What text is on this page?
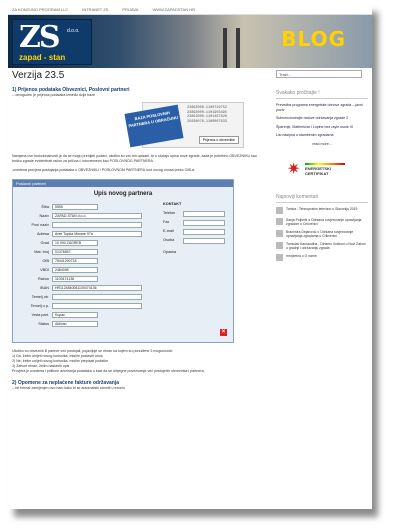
ZA KONZUNO PROGRAM LLC	INTRANET ZS	PRIJAVA	WWW.ZAPADSTAN.HR
ZS d.o.o.
zapad - stan
BLOG
Verzija 23.5
1) Prijenos podataka Obveznici, Poslovni partneri
-- omogućen je prijenos podataka između dvije baze
BAZA POSLOVNIH PARTNERA U OBRAČUNU
23893000-1100729752
23893000-1101903495
23893000-1101467826
25038070-1100007633
Prijenos u obveznike
Namjena ove funkcionalnosti je da se mogu prenijeti podaci, ukoliko su već bili upisani, te u slučaju upisa nove zgrade, kada je potrebno OBVEZNIKU kao trošku zgrade evidentirati račun za pričuvu i istovremeno kao POSLOVNOG PARTNERA.
-uvedena provjera postojanja podataka u OBVEZNIKU i POSLOVNOM PARTNERU kod novog unosa preko OIB-a.
Poslovni partneri
Upis novog partnera
Šifra	5555
Naziv	ZAPAD-STAN d.o.o.
Puni naziv
Adresa	Ante Topića Mimare 97a
Grad	10 090 ZAGREB
Mat. broj	01376557
OIB	78441290718
VBDI	2484008
Račun	1100474136
IBAN	HR1124840081100474136
Temelj ob.
Temelj u p.
Vrsta part.	Kupac
Status	Aktivan
KONTAKT
Telefon
Fax
E-mail
Osoba
Opaska
×
Ukoliko su obveznik ili partner već postojali, pojavljuje se ekran na kojem su ponuđene 3 mogućnosti:
1) Da, želim unijeti novog korisnika, mislim postaviti unos
2) Ne, želim unijeti novog korisnika, mislim prepisati podatke
3) Zatvori ekran, želim nastaviti upis
Provjera je uvedena i prilikom ažuriranja podataka u bazi da se izbjegne povezivanje već postojećih obveznika i partnera.
2) Opomene za neplaćene fakture održavanja
-- bit format zamijenjen ovo nam kako bi se automatski otvoriti u excelu
Traži...
Svakako pročitajte !
Prevedba programa energetske obnove zgrada – javni poziv
Subvencionirajte radove održavanja zgrade 2
Šparenje, Maltheščar i Lupine bez rayle usole III
Lisi nasipna u stambenim zgradama
read more...
✷ ENERGETSKI
CERTIFIKAT
Najnoviji komentari
Tomka - Tehnopraton televizor u Slavoniju 2019
Sanja Poljsnik o Odrzana suvjerovanje upravljanja zgradom u Crikvenici
Branimira Dejanović o Održana suvjerovanje upravljanja zgradama u Crikvenici
Tomislav Kamaudina - Dinamo Vuškovi o Novi Zakon o gradnji i održavanju zgrada
mrvpletna o O name
